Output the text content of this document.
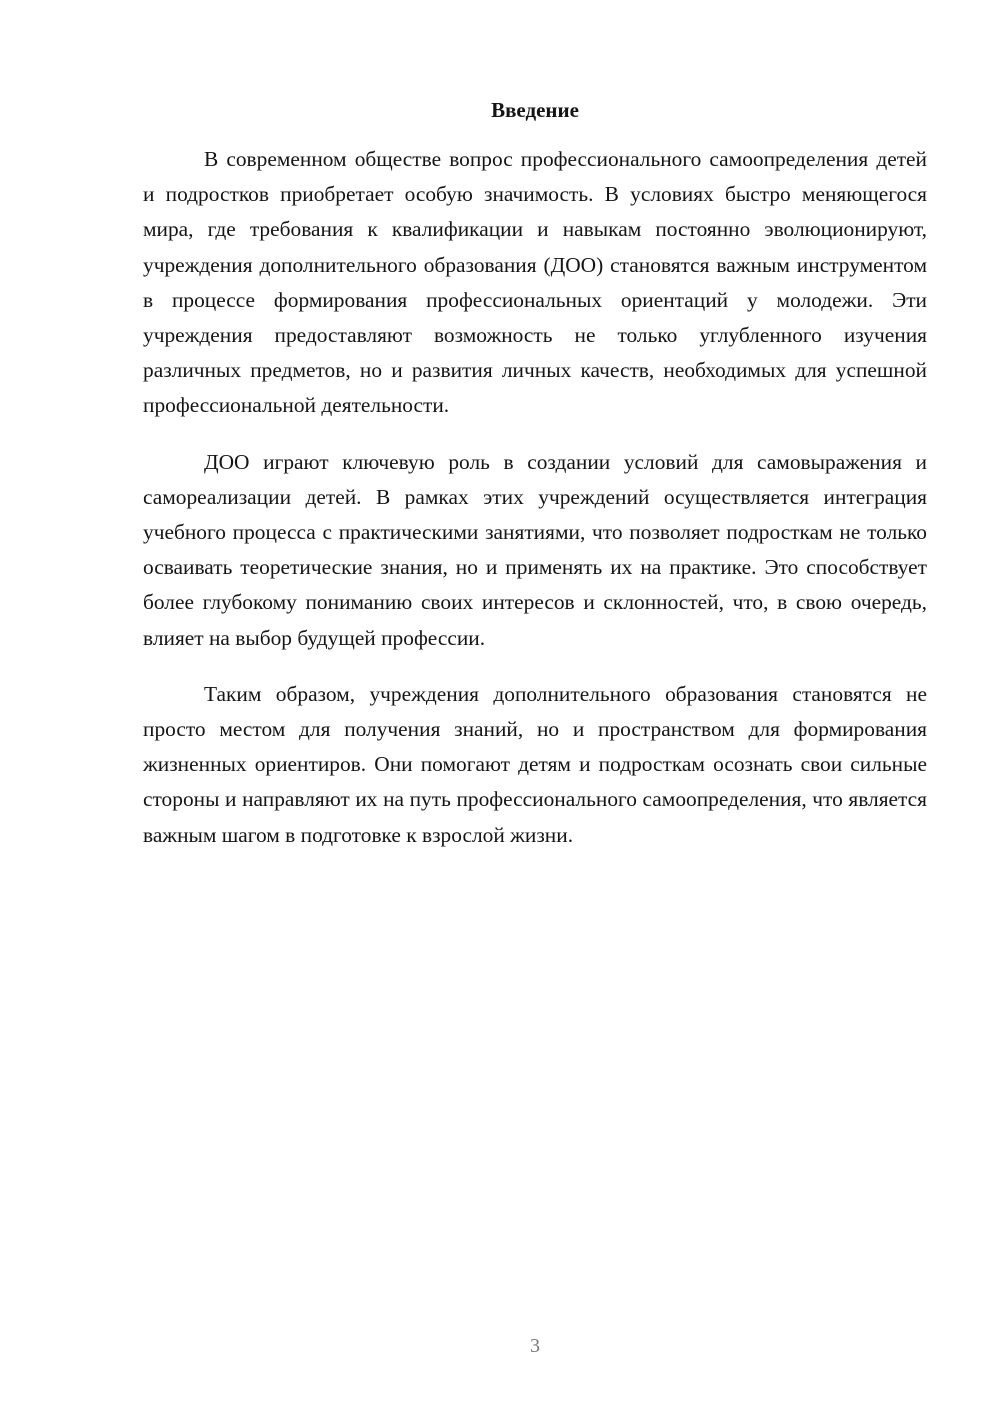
Введение

В современном обществе вопрос профессионального самоопределения детей и подростков приобретает особую значимость. В условиях быстро меняющегося мира, где требования к квалификации и навыкам постоянно эволюционируют, учреждения дополнительного образования (ДОО) становятся важным инструментом в процессе формирования профессиональных ориентаций у молодежи. Эти учреждения предоставляют возможность не только углубленного изучения различных предметов, но и развития личных качеств, необходимых для успешной профессиональной деятельности.

ДОО играют ключевую роль в создании условий для самовыражения и самореализации детей. В рамках этих учреждений осуществляется интеграция учебного процесса с практическими занятиями, что позволяет подросткам не только осваивать теоретические знания, но и применять их на практике. Это способствует более глубокому пониманию своих интересов и склонностей, что, в свою очередь, влияет на выбор будущей профессии.

Таким образом, учреждения дополнительного образования становятся не просто местом для получения знаний, но и пространством для формирования жизненных ориентиров. Они помогают детям и подросткам осознать свои сильные стороны и направляют их на путь профессионального самоопределения, что является важным шагом в подготовке к взрослой жизни.

3
